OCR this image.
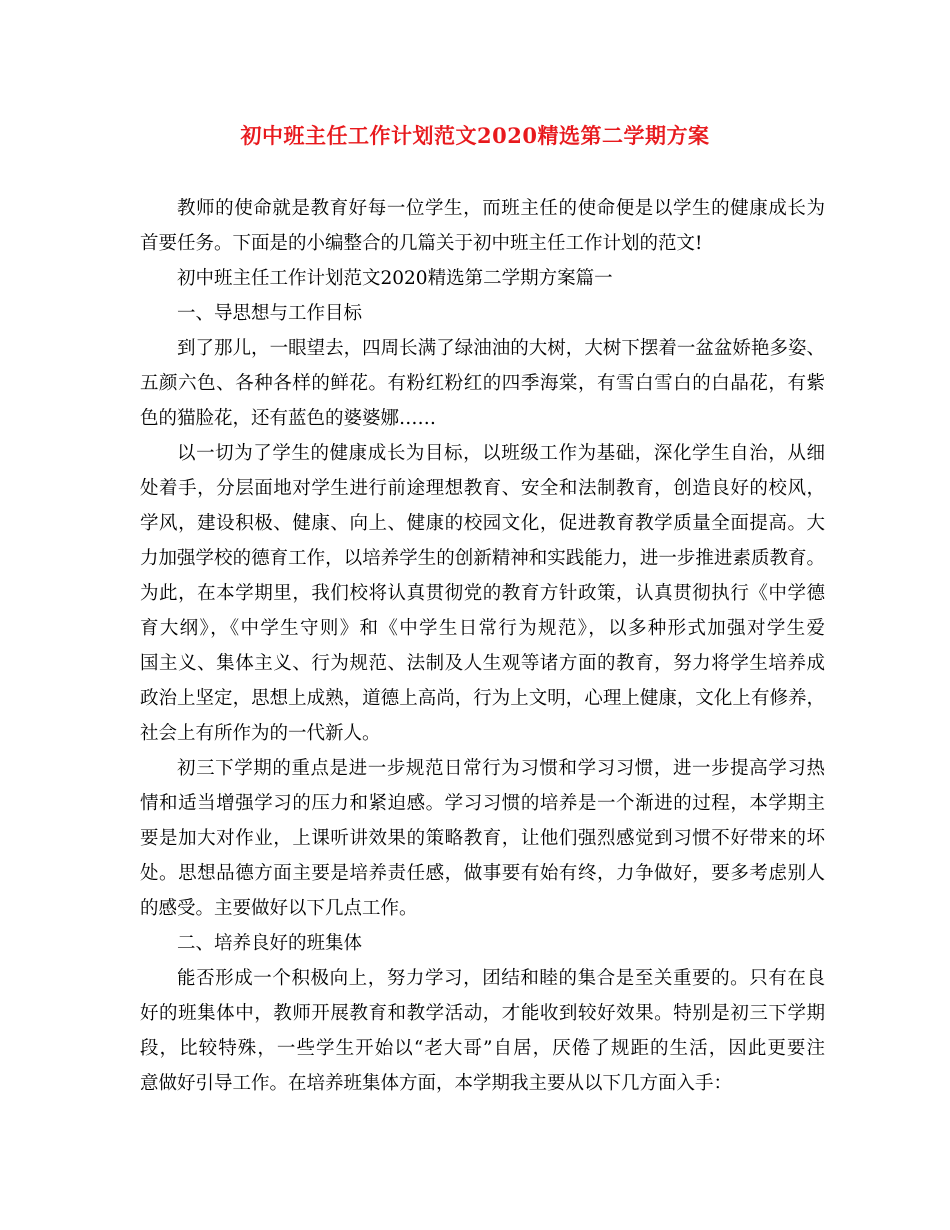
初中班主任工作计划范文2020精选第二学期方案
教师的使命就是教育好每一位学生，而班主任的使命便是以学生的健康成长为
首要任务。下面是的小编整合的几篇关于初中班主任工作计划的范文!
初中班主任工作计划范文2020精选第二学期方案篇一
一、导思想与工作目标
到了那儿，一眼望去，四周长满了绿油油的大树，大树下摆着一盆盆娇艳多姿、
五颜六色、各种各样的鲜花。有粉红粉红的四季海棠，有雪白雪白的白晶花，有紫
色的猫脸花，还有蓝色的婆婆娜……
以一切为了学生的健康成长为目标，以班级工作为基础，深化学生自治，从细
处着手，分层面地对学生进行前途理想教育、安全和法制教育，创造良好的校风，
学风，建设积极、健康、向上、健康的校园文化，促进教育教学质量全面提高。大
力加强学校的德育工作，以培养学生的创新精神和实践能力，进一步推进素质教育。
为此，在本学期里，我们校将认真贯彻党的教育方针政策，认真贯彻执行《中学德
育大纲》，《中学生守则》和《中学生日常行为规范》，以多种形式加强对学生爱
国主义、集体主义、行为规范、法制及人生观等诸方面的教育，努力将学生培养成
政治上坚定，思想上成熟，道德上高尚，行为上文明，心理上健康，文化上有修养，
社会上有所作为的一代新人。
初三下学期的重点是进一步规范日常行为习惯和学习习惯，进一步提高学习热
情和适当增强学习的压力和紧迫感。学习习惯的培养是一个渐进的过程，本学期主
要是加大对作业，上课听讲效果的策略教育，让他们强烈感觉到习惯不好带来的坏
处。思想品德方面主要是培养责任感，做事要有始有终，力争做好，要多考虑别人
的感受。主要做好以下几点工作。
二、培养良好的班集体
能否形成一个积极向上，努力学习，团结和睦的集合是至关重要的。只有在良
好的班集体中，教师开展教育和教学活动，才能收到较好效果。特别是初三下学期
段，比较特殊，一些学生开始以“老大哥”自居，厌倦了规距的生活，因此更要注
意做好引导工作。在培养班集体方面，本学期我主要从以下几方面入手：
